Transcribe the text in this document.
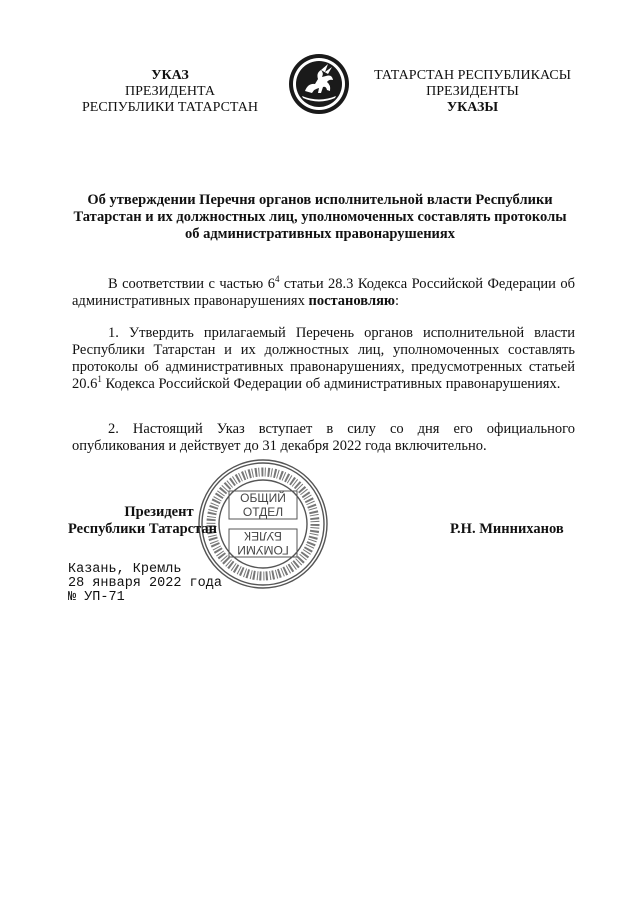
УКАЗ
ПРЕЗИДЕНТА
РЕСПУБЛИКИ ТАТАРСТАН
ТАТАРСТАН РЕСПУБЛИКАСЫ
ПРЕЗИДЕНТЫ
УКАЗЫ
Об утверждении Перечня органов исполнительной власти Республики Татарстан и их должностных лиц, уполномоченных составлять протоколы об административных правонарушениях
В соответствии с частью $6^4$ статьи 28.3 Кодекса Российской Федерации об административных правонарушениях постановляю:
1. Утвердить прилагаемый Перечень органов исполнительной власти Республики Татарстан и их должностных лиц, уполномоченных составлять протоколы об административных правонарушениях, предусмотренных статьей 20.6$^1$ Кодекса Российской Федерации об административных правонарушениях.
2. Настоящий Указ вступает в силу со дня его официального опубликования и действует до 31 декабря 2022 года включительно.
ОБЩИЙ
ОТДЕЛ
БУЛЕК
ГОМУМИ
Президент
Республики Татарстан	Р.Н. Минниханов
Казань, Кремль
28 января 2022 года
№ УП-71
